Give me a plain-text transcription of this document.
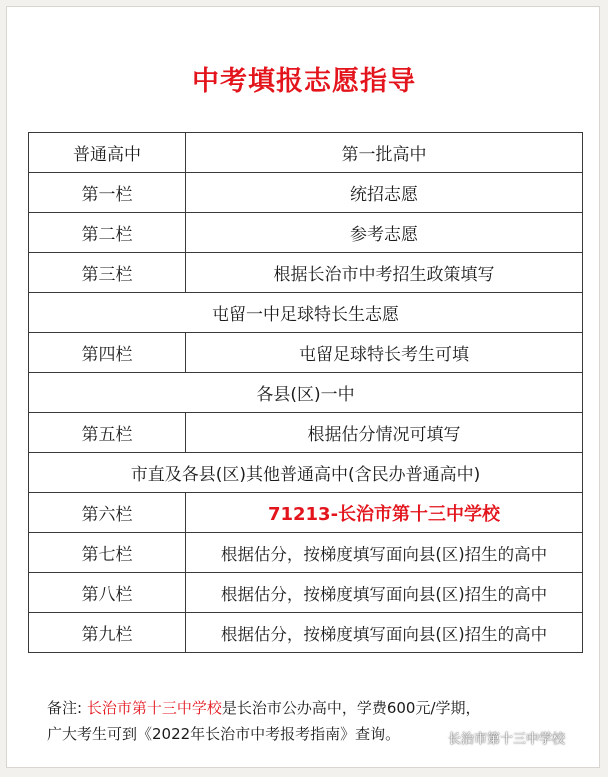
中考填报志愿指导
普通高中	第一批高中
第一栏	统招志愿
第二栏	参考志愿
第三栏	根据长治市中考招生政策填写
屯留一中足球特长生志愿	
第四栏	屯留足球特长考生可填
各县(区)一中	
第五栏	根据估分情况可填写
市直及各县(区)其他普通高中(含民办普通高中)	
第六栏	71213-长治市第十三中学校
第七栏	根据估分，按梯度填写面向县(区)招生的高中
第八栏	根据估分，按梯度填写面向县(区)招生的高中
第九栏	根据估分，按梯度填写面向县(区)招生的高中
备注: 长治市第十三中学校是长治市公办高中，学费600元/学期，
广大考生可到《2022年长治市中考报考指南》查询。	长治市第十三中学校
